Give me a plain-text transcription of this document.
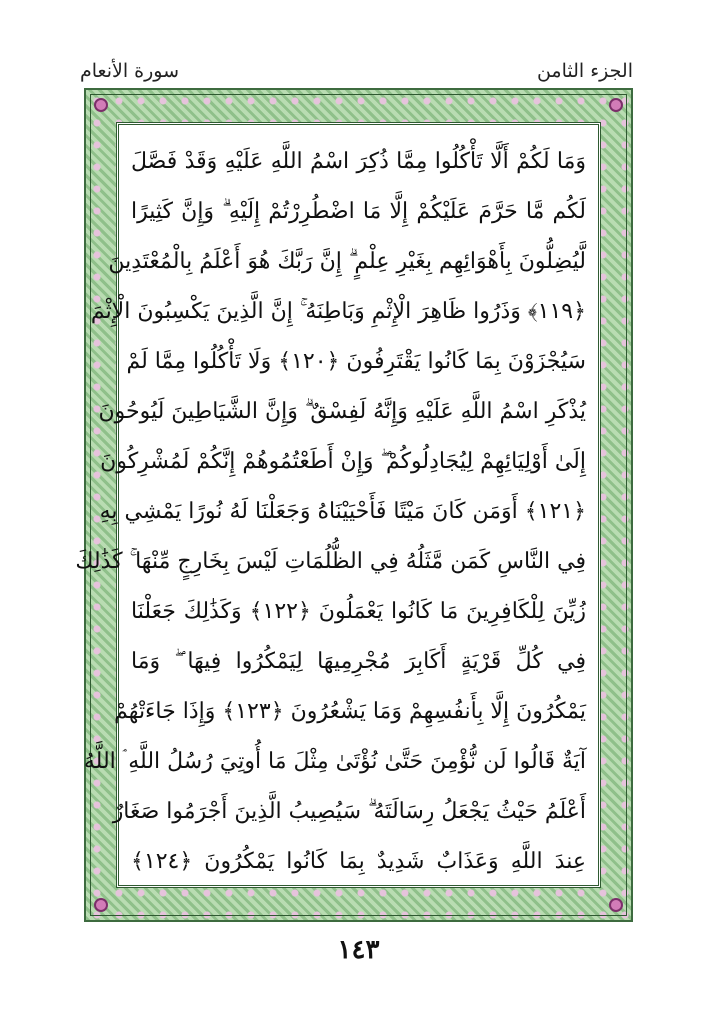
الجزء الثامن
سورة الأنعام
وَمَا لَكُمْ أَلَّا تَأْكُلُوا مِمَّا ذُكِرَ اسْمُ اللَّهِ عَلَيْهِ وَقَدْ فَصَّلَ
لَكُم مَّا حَرَّمَ عَلَيْكُمْ إِلَّا مَا اضْطُرِرْتُمْ إِلَيْهِ ۗ وَإِنَّ كَثِيرًا
لَّيُضِلُّونَ بِأَهْوَائِهِم بِغَيْرِ عِلْمٍ ۗ إِنَّ رَبَّكَ هُوَ أَعْلَمُ بِالْمُعْتَدِينَ
﴿١١٩﴾ وَذَرُوا ظَاهِرَ الْإِثْمِ وَبَاطِنَهُ ۚ إِنَّ الَّذِينَ يَكْسِبُونَ الْإِثْمَ
سَيُجْزَوْنَ بِمَا كَانُوا يَقْتَرِفُونَ ﴿١٢٠﴾ وَلَا تَأْكُلُوا مِمَّا لَمْ
يُذْكَرِ اسْمُ اللَّهِ عَلَيْهِ وَإِنَّهُ لَفِسْقٌ ۗ وَإِنَّ الشَّيَاطِينَ لَيُوحُونَ
إِلَىٰ أَوْلِيَائِهِمْ لِيُجَادِلُوكُمْ ۖ وَإِنْ أَطَعْتُمُوهُمْ إِنَّكُمْ لَمُشْرِكُونَ
﴿١٢١﴾ أَوَمَن كَانَ مَيْتًا فَأَحْيَيْنَاهُ وَجَعَلْنَا لَهُ نُورًا يَمْشِي بِهِ
فِي النَّاسِ كَمَن مَّثَلُهُ فِي الظُّلُمَاتِ لَيْسَ بِخَارِجٍ مِّنْهَا ۚ كَذَٰلِكَ
زُيِّنَ لِلْكَافِرِينَ مَا كَانُوا يَعْمَلُونَ ﴿١٢٢﴾ وَكَذَٰلِكَ جَعَلْنَا
فِي كُلِّ قَرْيَةٍ أَكَابِرَ مُجْرِمِيهَا لِيَمْكُرُوا فِيهَا ۖ وَمَا
يَمْكُرُونَ إِلَّا بِأَنفُسِهِمْ وَمَا يَشْعُرُونَ ﴿١٢٣﴾ وَإِذَا جَاءَتْهُمْ
آيَةٌ قَالُوا لَن نُّؤْمِنَ حَتَّىٰ نُؤْتَىٰ مِثْلَ مَا أُوتِيَ رُسُلُ اللَّهِ ۘ اللَّهُ
أَعْلَمُ حَيْثُ يَجْعَلُ رِسَالَتَهُ ۗ سَيُصِيبُ الَّذِينَ أَجْرَمُوا صَغَارٌ
عِندَ اللَّهِ وَعَذَابٌ شَدِيدٌ بِمَا كَانُوا يَمْكُرُونَ ﴿١٢٤﴾
١٤٣
